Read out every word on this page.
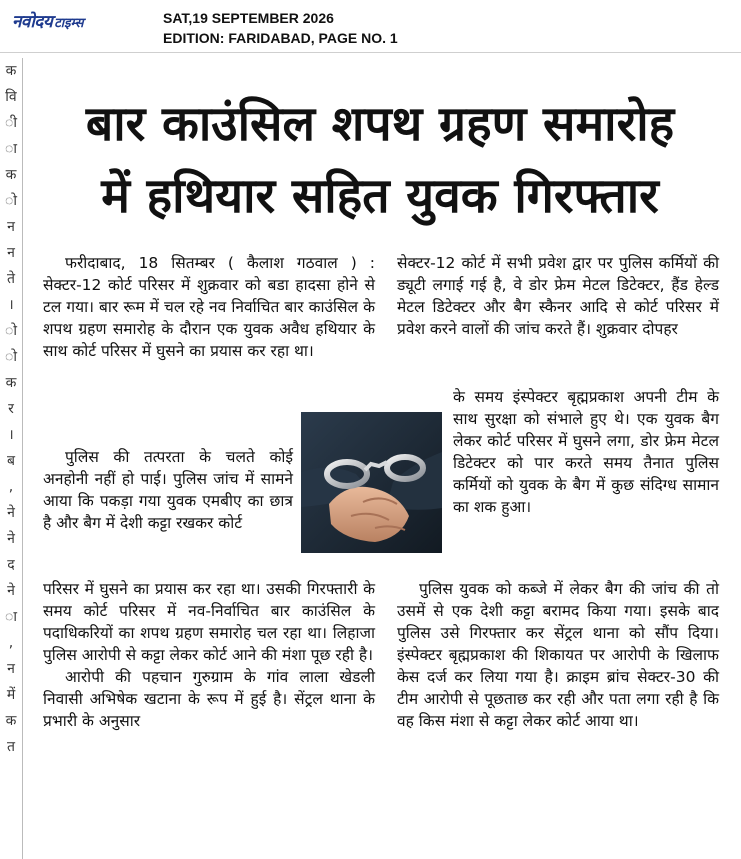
नवोदय टाइम्स	SAT,19 SEPTEMBER 2026
EDITION: FARIDABAD, PAGE NO. 1
क
वि
ी
ा
क
ो
न
न
ते
।
ो
ो
क
र
।
ब
,
ने
ने
द
ने
ा
,
न
में
क
त
बार काउंसिल शपथ ग्रहण समारोह
में हथियार सहित युवक गिरफ्तार

फरीदाबाद, 18 सितम्बर ( कैलाश गठवाल ) : सेक्टर-12 कोर्ट परिसर में शुक्रवार को बडा हादसा होने से टल गया। बार रूम में चल रहे नव निर्वाचित बार काउंसिल के शपथ ग्रहण समारोह के दौरान एक युवक अवैध हथियार के साथ कोर्ट परिसर में घुसने का प्रयास कर रहा था।

पुलिस की तत्परता के चलते कोई अनहोनी नहीं हो पाई। पुलिस जांच में सामने आया कि पकड़ा गया युवक एमबीए का छात्र है और बैग में देशी कट्टा रखकर कोर्ट

परिसर में घुसने का प्रयास कर रहा था। उसकी गिरफ्तारी के समय कोर्ट परिसर में नव-निर्वाचित बार काउंसिल के पदाधिकरियों का शपथ ग्रहण समारोह चल रहा था। लिहाजा पुलिस आरोपी से कट्टा लेकर कोर्ट आने की मंशा पूछ रही है।

आरोपी की पहचान गुरुग्राम के गांव लाला खेडली निवासी अभिषेक खटाना के रूप में हुई है। सेंट्रल थाना के प्रभारी के अनुसार

सेक्टर-12 कोर्ट में सभी प्रवेश द्वार पर पुलिस कर्मियों की ड्यूटी लगाई गई है, वे डोर फ्रेम मेटल डिटेक्टर, हैंड हेल्ड मेटल डिटेक्टर और बैग स्कैनर आदि से कोर्ट परिसर में प्रवेश करने वालों की जांच करते हैं। शुक्रवार दोपहर

के समय इंस्पेक्टर बृह्मप्रकाश अपनी टीम के साथ सुरक्षा को संभाले हुए थे। एक युवक बैग लेकर कोर्ट परिसर में घुसने लगा, डोर फ्रेम मेटल डिटेक्टर को पार करते समय तैनात पुलिस कर्मियों को युवक के बैग में कुछ संदिग्ध सामान का शक हुआ।

पुलिस युवक को कब्जे में लेकर बैग की जांच की तो उसमें से एक देशी कट्टा बरामद किया गया। इसके बाद पुलिस उसे गिरफ्तार कर सेंट्रल थाना को सौंप दिया। इंस्पेक्टर बृह्मप्रकाश की शिकायत पर आरोपी के खिलाफ केस दर्ज कर लिया गया है। क्राइम ब्रांच सेक्टर-30 की टीम आरोपी से पूछताछ कर रही और पता लगा रही है कि वह किस मंशा से कट्टा लेकर कोर्ट आया था।
